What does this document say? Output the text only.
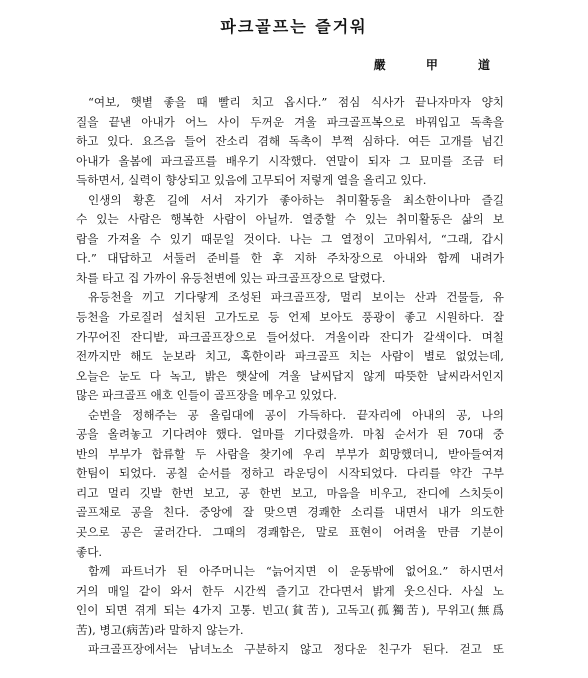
파크골프는 즐거워
嚴 甲 道
“여보, 햇볕 좋을 때 빨리 치고 옵시다.” 점심 식사가 끝나자마자 양치
질을 끝낸 아내가 어느 사이 두꺼운 겨울 파크골프복으로 바꿔입고 독촉을
하고 있다. 요즈음 들어 잔소리 겸해 독촉이 부쩍 심하다. 여든 고개를 넘긴
아내가 올봄에 파크골프를 배우기 시작했다. 연말이 되자 그 묘미를 조금 터
득하면서, 실력이 향상되고 있음에 고무되어 저렇게 열을 올리고 있다.
인생의 황혼 길에 서서 자기가 좋아하는 취미활동을 최소한이나마 즐길
수 있는 사람은 행복한 사람이 아닐까. 열중할 수 있는 취미활동은 삶의 보
람을 가져올 수 있기 때문일 것이다. 나는 그 열정이 고마워서, “그래, 갑시
다.” 대답하고 서둘러 준비를 한 후 지하 주차장으로 아내와 함께 내려가
차를 타고 집 가까이 유등천변에 있는 파크골프장으로 달렸다.
유등천을 끼고 기다랗게 조성된 파크골프장, 멀리 보이는 산과 건물들, 유
등천을 가로질러 설치된 고가도로 등 언제 보아도 풍광이 좋고 시원하다. 잘
가꾸어진 잔디밭, 파크골프장으로 들어섰다. 겨울이라 잔디가 갈색이다. 며칠
전까지만 해도 눈보라 치고, 혹한이라 파크골프 치는 사람이 별로 없었는데,
오늘은 눈도 다 녹고, 밝은 햇살에 겨울 날씨답지 않게 따뜻한 날씨라서인지
많은 파크골프 애호 인들이 골프장을 메우고 있었다.
순번을 정해주는 공 올림대에 공이 가득하다. 끝자리에 아내의 공, 나의
공을 올려놓고 기다려야 했다. 얼마를 기다렸을까. 마침 순서가 된 70대 중
반의 부부가 합류할 두 사람을 찾기에 우리 부부가 희망했더니, 받아들여져
한팀이 되었다. 공칠 순서를 정하고 라운딩이 시작되었다. 다리를 약간 구부
리고 멀리 깃발 한번 보고, 공 한번 보고, 마음을 비우고, 잔디에 스치듯이
골프채로 공을 친다. 중앙에 잘 맞으면 경쾌한 소리를 내면서 내가 의도한
곳으로 공은 굴러간다. 그때의 경쾌함은, 말로 표현이 어려울 만큼 기분이
좋다.
함께 파트너가 된 아주머니는 “늙어지면 이 운동밖에 없어요.” 하시면서
거의 매일 같이 와서 한두 시간씩 즐기고 간다면서 밝게 웃으신다. 사실 노
인이 되면 겪게 되는 4가지 고통. 빈고(貧苦), 고독고(孤獨苦), 무위고(無爲
苦), 병고(病苦)라 말하지 않는가.
파크골프장에서는 남녀노소 구분하지 않고 정다운 친구가 된다. 걷고 또
